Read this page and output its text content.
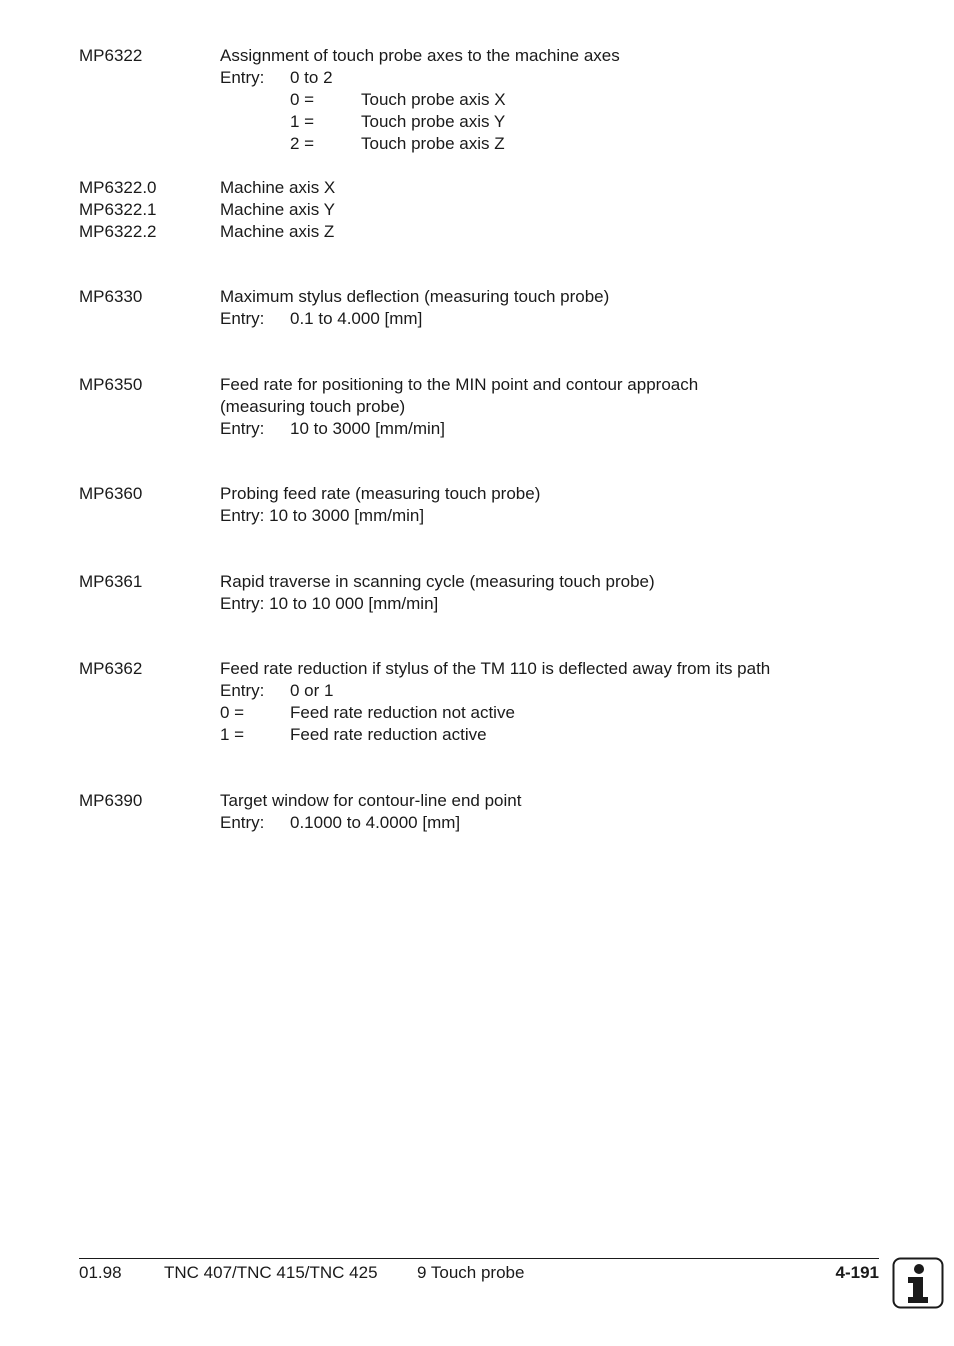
MP6322	Assignment of touch probe axes to the machine axes
Entry: 0 to 2
0 =	Touch probe axis X
1 =	Touch probe axis Y
2 =	Touch probe axis Z
MP6322.0	Machine axis X
MP6322.1	Machine axis Y
MP6322.2	Machine axis Z
MP6330	Maximum stylus deflection (measuring touch probe)
Entry: 0.1 to 4.000 [mm]
MP6350	Feed rate for positioning to the MIN point and contour approach
(measuring touch probe)
Entry: 10 to 3000 [mm/min]
MP6360	Probing feed rate (measuring touch probe)
Entry: 10 to 3000 [mm/min]
MP6361	Rapid traverse in scanning cycle (measuring touch probe)
Entry: 10 to 10 000 [mm/min]
MP6362	Feed rate reduction if stylus of the TM 110 is deflected away from its path
Entry: 0 or 1
0 =	Feed rate reduction not active
1 =	Feed rate reduction active
MP6390	Target window for contour-line end point
Entry: 0.1000 to 4.0000 [mm]
01.98 TNC 407/TNC 415/TNC 425 9 Touch probe	4-191
